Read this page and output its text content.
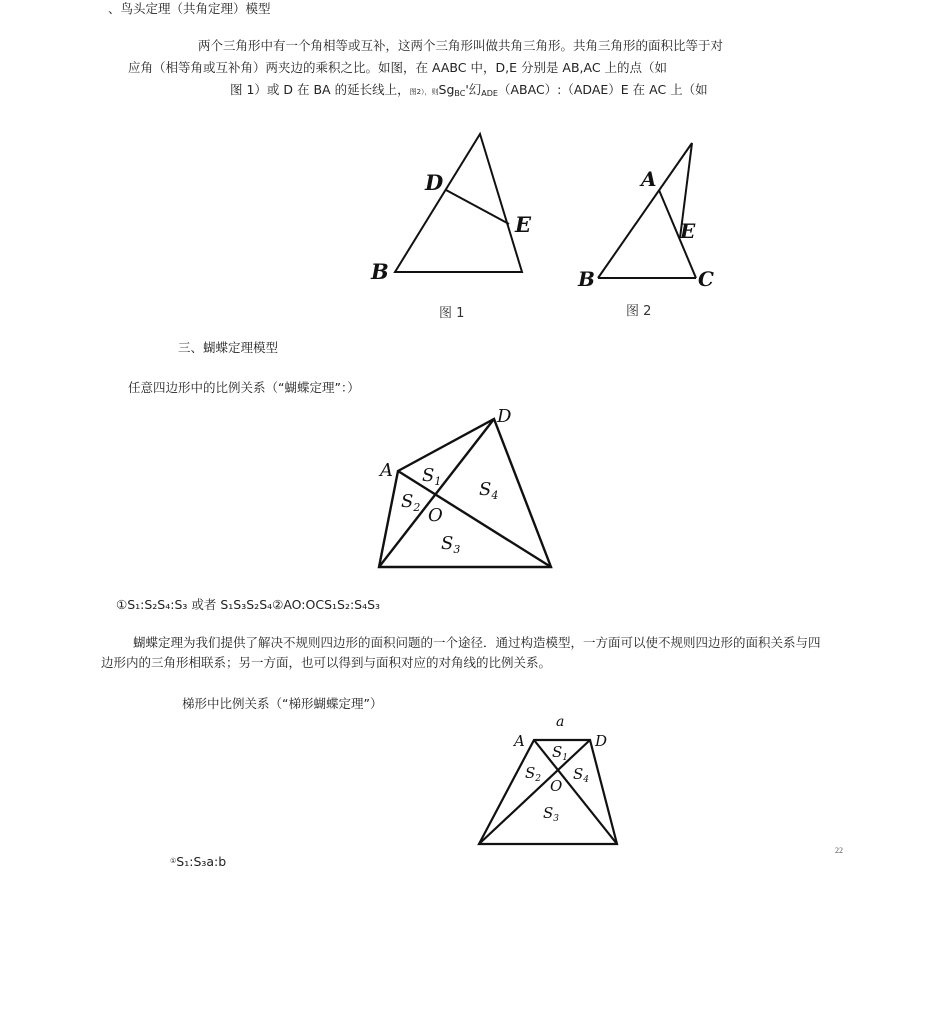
、鸟头定理（共角定理）模型
两个三角形中有一个角相等或互补，这两个三角形叫做共角三角形。共角三角形的面积比等于对
应角（相等角或互补角）两夹边的乘积之比。如图，在 AABC 中，D,E 分别是 AB,AC 上的点（如
图 1）或 D 在 BA 的延长线上，图2），则$Sg_{BC}'$幻$_{ADE}$（ABAC）:（ADAE）E 在 AC 上（如
D
E
B
图 1
A
E
B	C
图 2
A
D
O
$S_1$
$S_2$
$S_3$
$S_4$
a
A	D
O
$S_1$
$S_2$
$S_3$
$S_4$
三、蝴蝶定理模型
任意四边形中的比例关系（“蝴蝶定理”：）
①S₁:S₂S₄:S₃ 或者 S₁S₃S₂S₄②AO:OCS₁S₂:S₄S₃
蝴蝶定理为我们提供了解决不规则四边形的面积问题的一个途径．通过构造模型，一方面可以使不规则四边形的面积关系与四
边形内的三角形相联系；另一方面，也可以得到与面积对应的对角线的比例关系。
梯形中比例关系（“梯形蝴蝶定理”）
①S₁:S₃a:b
22
